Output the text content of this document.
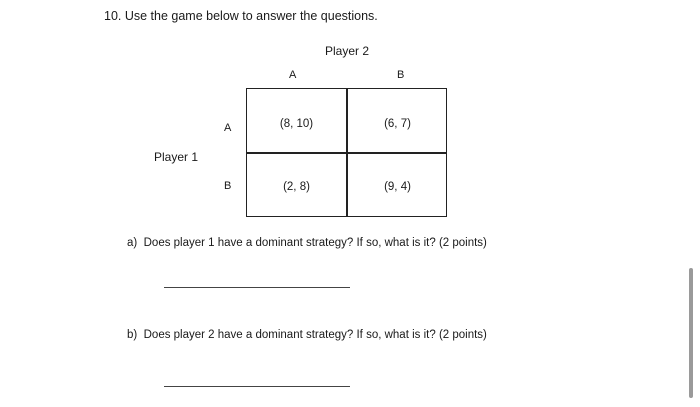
10. Use the game below to answer the questions.
Player 2
A	B
Player 1
A
B
(8, 10)	(6, 7)
(2, 8)	(9, 4)
a)  Does player 1 have a dominant strategy? If so, what is it? (2 points)
b)  Does player 2 have a dominant strategy? If so, what is it? (2 points)
